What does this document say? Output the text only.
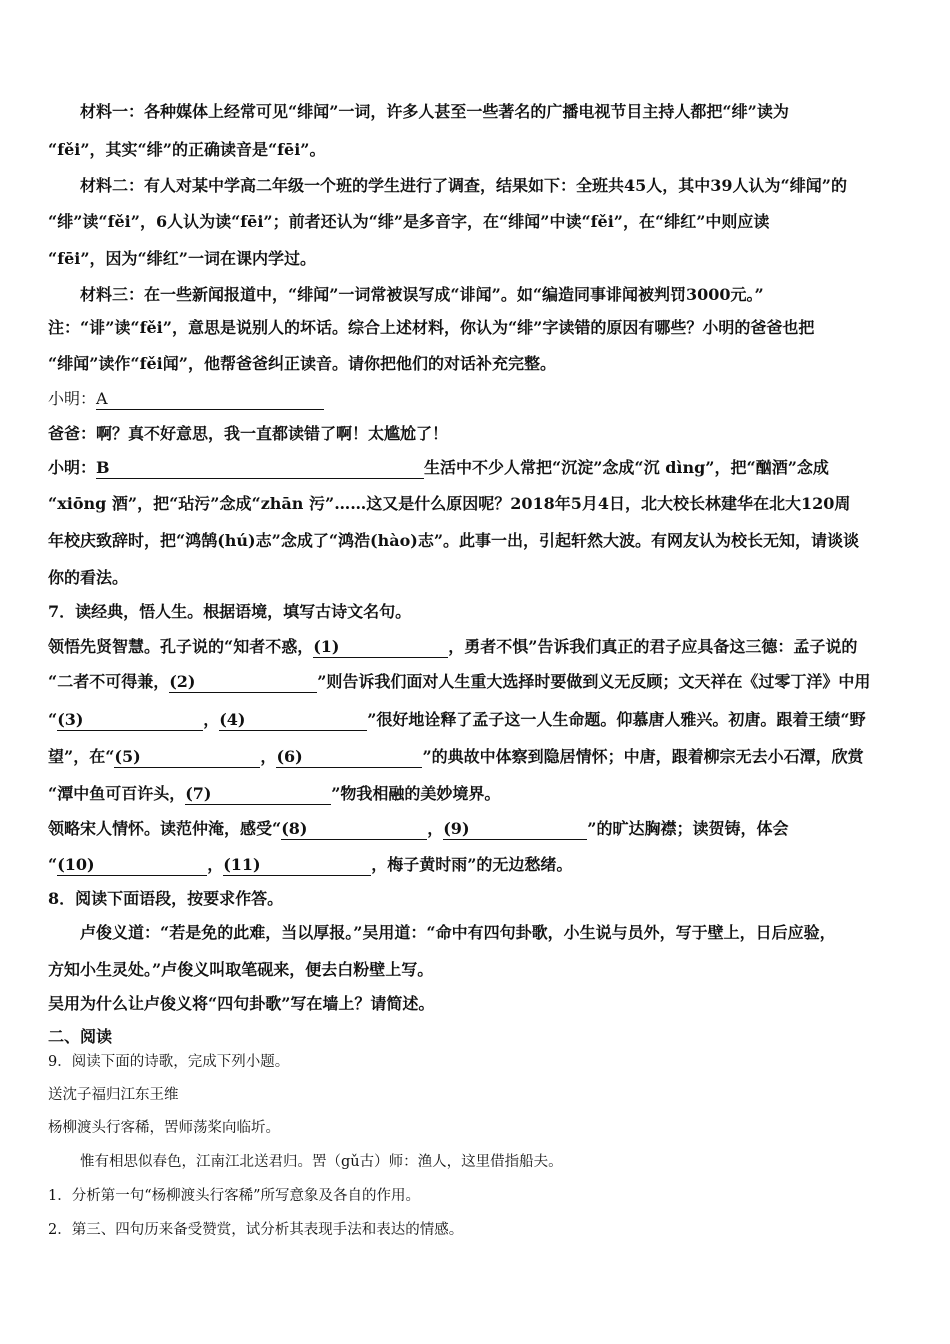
材料一：各种媒体上经常可见“绯闻”一词，许多人甚至一些著名的广播电视节目主持人都把“绯”读为
“fěi”，其实“绯”的正确读音是“fēi”。
材料二：有人对某中学高二年级一个班的学生进行了调查，结果如下：全班共45人，其中39人认为“绯闻”的
“绯”读“fěi”，6人认为读“fēi”；前者还认为“绯”是多音字，在“绯闻”中读“fěi”，在“绯红”中则应读
“fēi”，因为“绯红”一词在课内学过。
材料三：在一些新闻报道中，“绯闻”一词常被误写成“诽闻”。如“编造同事诽闻被判罚3000元。”
注：“诽”读“fěi”，意思是说别人的坏话。综合上述材料，你认为“绯”字读错的原因有哪些？小明的爸爸也把
“绯闻”读作“fěi闻”，他帮爸爸纠正读音。请你把他们的对话补充完整。
小明：A
爸爸：啊？真不好意思，我一直都读错了啊！太尴尬了！
小明：B	生活中不少人常把“沉淀”念成“沉 dìng”，把“酗酒”念成
“xiōng 酒”，把“玷污”念成“zhān 污”……这又是什么原因呢？2018年5月4日，北大校长林建华在北大120周
年校庆致辞时，把“鸿鹄(hú)志”念成了“鸿浩(hào)志”。此事一出，引起轩然大波。有网友认为校长无知，请谈谈
你的看法。
7．读经典，悟人生。根据语境，填写古诗文名句。
领悟先贤智慧。孔子说的“知者不惑，(1)	，勇者不惧”告诉我们真正的君子应具备这三德：孟子说的
“二者不可得兼，(2)	”则告诉我们面对人生重大选择时要做到义无反顾；文天祥在《过零丁洋》中用
“(3)	，(4)	”很好地诠释了孟子这一人生命题。仰慕唐人雅兴。初唐。跟着王绩“野
望”，在“(5)	，(6)	”的典故中体察到隐居情怀；中唐，跟着柳宗无去小石潭，欣赏
“潭中鱼可百许头，(7)	”物我相融的美妙境界。
领略宋人情怀。读范仲淹，感受“(8)	，(9)	”的旷达胸襟；读贺铸，体会
“(10)	，(11)	，梅子黄时雨”的无边愁绪。
8．阅读下面语段，按要求作答。
卢俊义道：“若是免的此难，当以厚报。”吴用道：“命中有四句卦歌，小生说与员外，写于壁上，日后应验，
方知小生灵处。”卢俊义叫取笔砚来，便去白粉壁上写。
吴用为什么让卢俊义将“四句卦歌”写在墙上？请简述。
二、阅读
9．阅读下面的诗歌，完成下列小题。
送沈子福归江东王维
杨柳渡头行客稀，罟师荡桨向临圻。
惟有相思似春色，江南江北送君归。罟（gǔ古）师：渔人，这里借指船夫。
1．分析第一句“杨柳渡头行客稀”所写意象及各自的作用。
2．第三、四句历来备受赞赏，试分析其表现手法和表达的情感。
